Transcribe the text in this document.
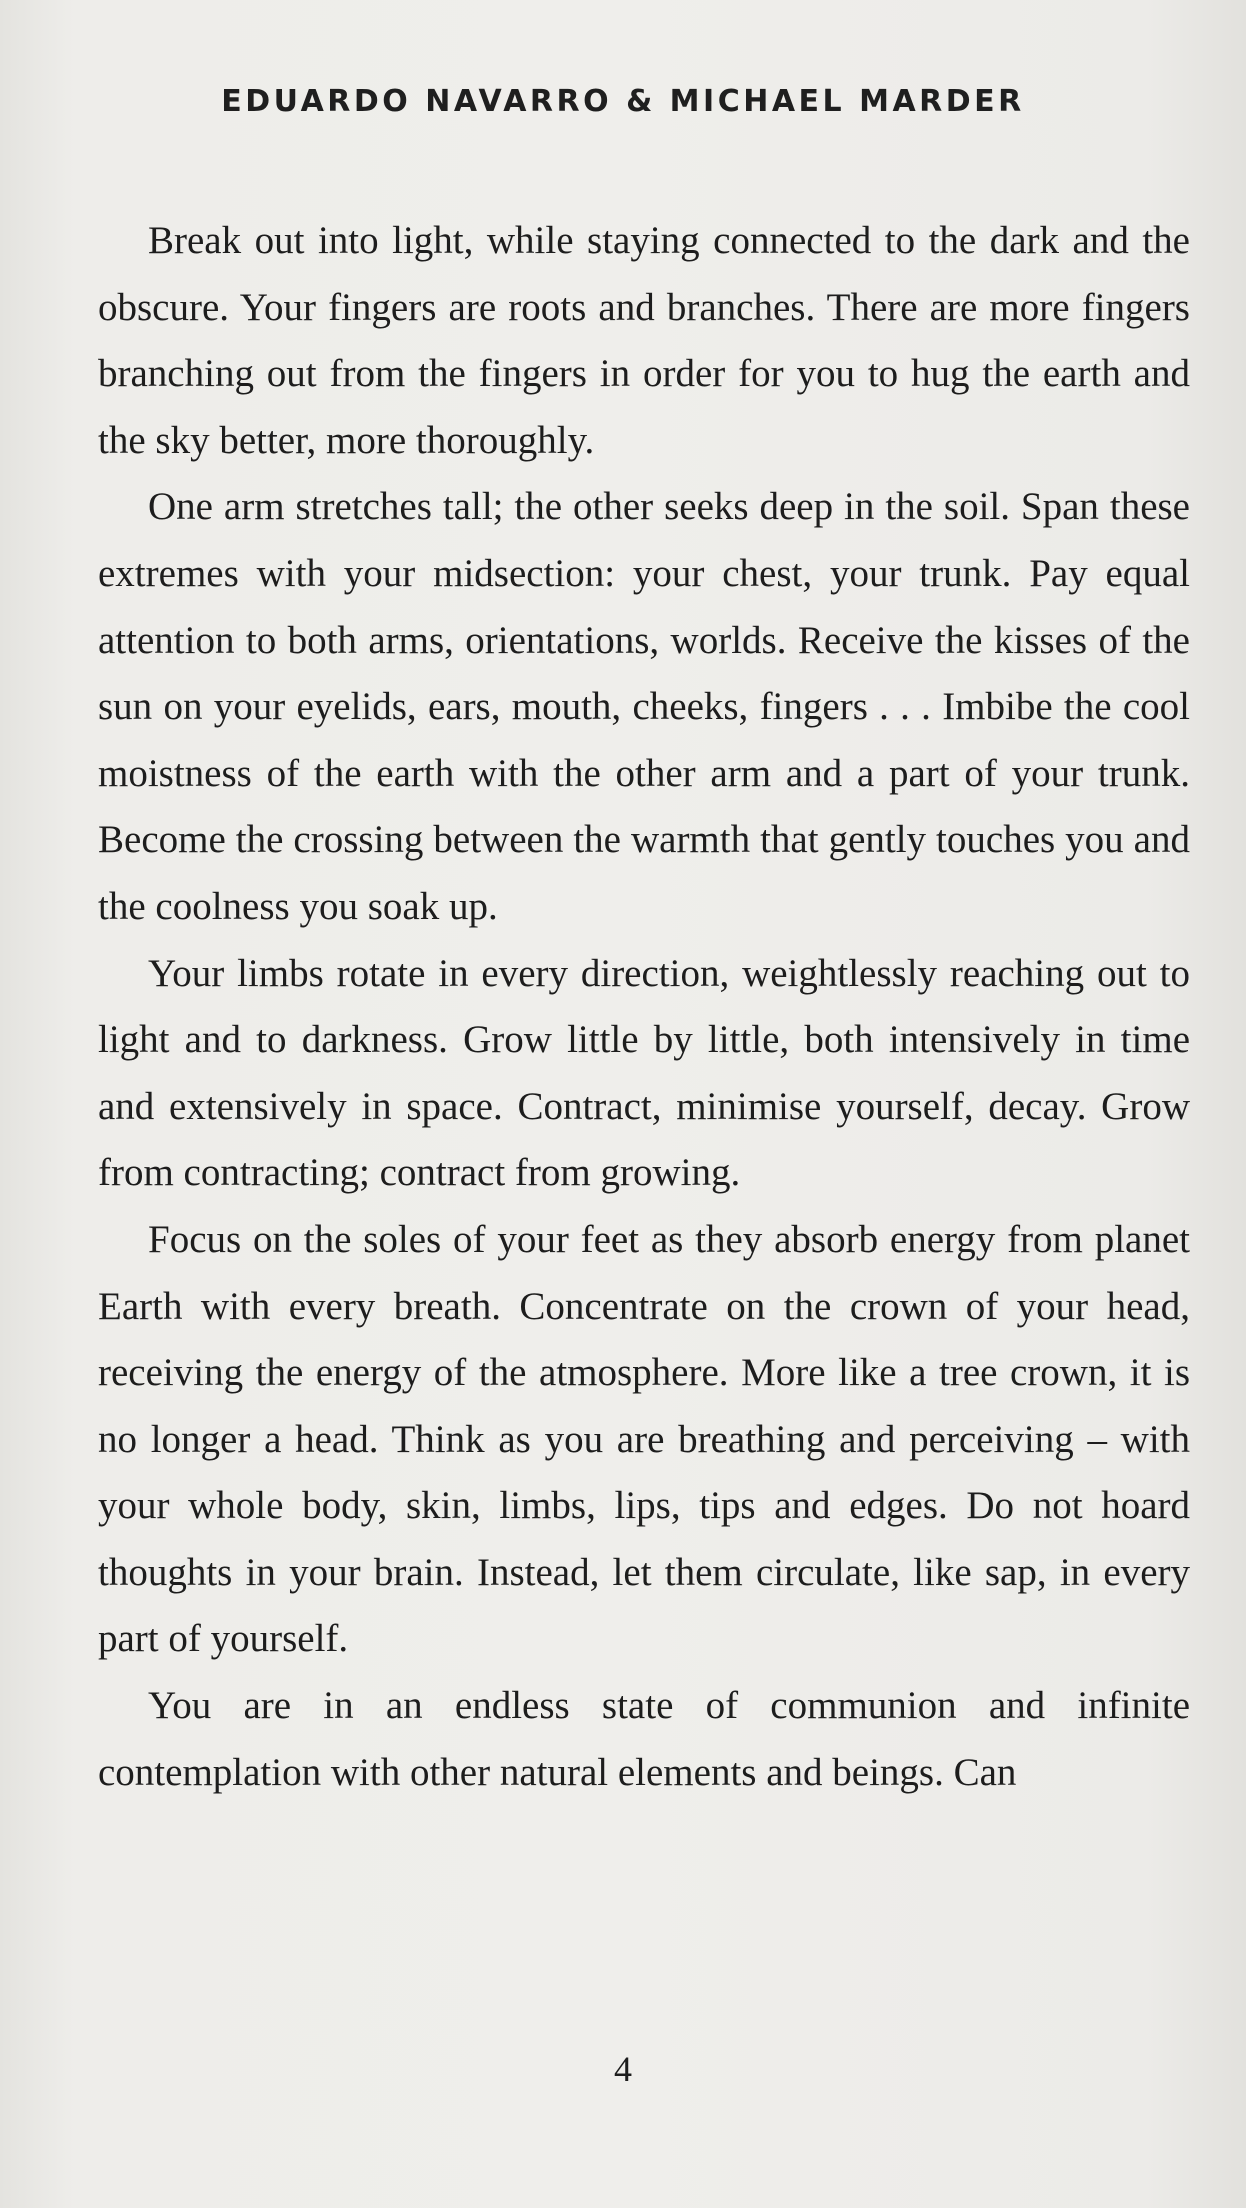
EDUARDO NAVARRO & MICHAEL MARDER

Break out into light, while staying connected to the dark and the obscure. Your fingers are roots and branches. There are more fingers branching out from the fingers in order for you to hug the earth and the sky better, more thoroughly.

One arm stretches tall; the other seeks deep in the soil. Span these extremes with your midsection: your chest, your trunk. Pay equal attention to both arms, orientations, worlds. Receive the kisses of the sun on your eyelids, ears, mouth, cheeks, fingers . . . Imbibe the cool moistness of the earth with the other arm and a part of your trunk. Become the crossing between the warmth that gently touches you and the coolness you soak up.

Your limbs rotate in every direction, weightlessly reaching out to light and to darkness. Grow little by little, both intensively in time and extensively in space. Contract, minimise yourself, decay. Grow from contracting; contract from growing.

Focus on the soles of your feet as they absorb energy from planet Earth with every breath. Concentrate on the crown of your head, receiving the energy of the atmosphere. More like a tree crown, it is no longer a head. Think as you are breathing and perceiving – with your whole body, skin, limbs, lips, tips and edges. Do not hoard thoughts in your brain. Instead, let them circulate, like sap, in every part of yourself.

You are in an endless state of communion and infinite contemplation with other natural elements and beings. Can

4
